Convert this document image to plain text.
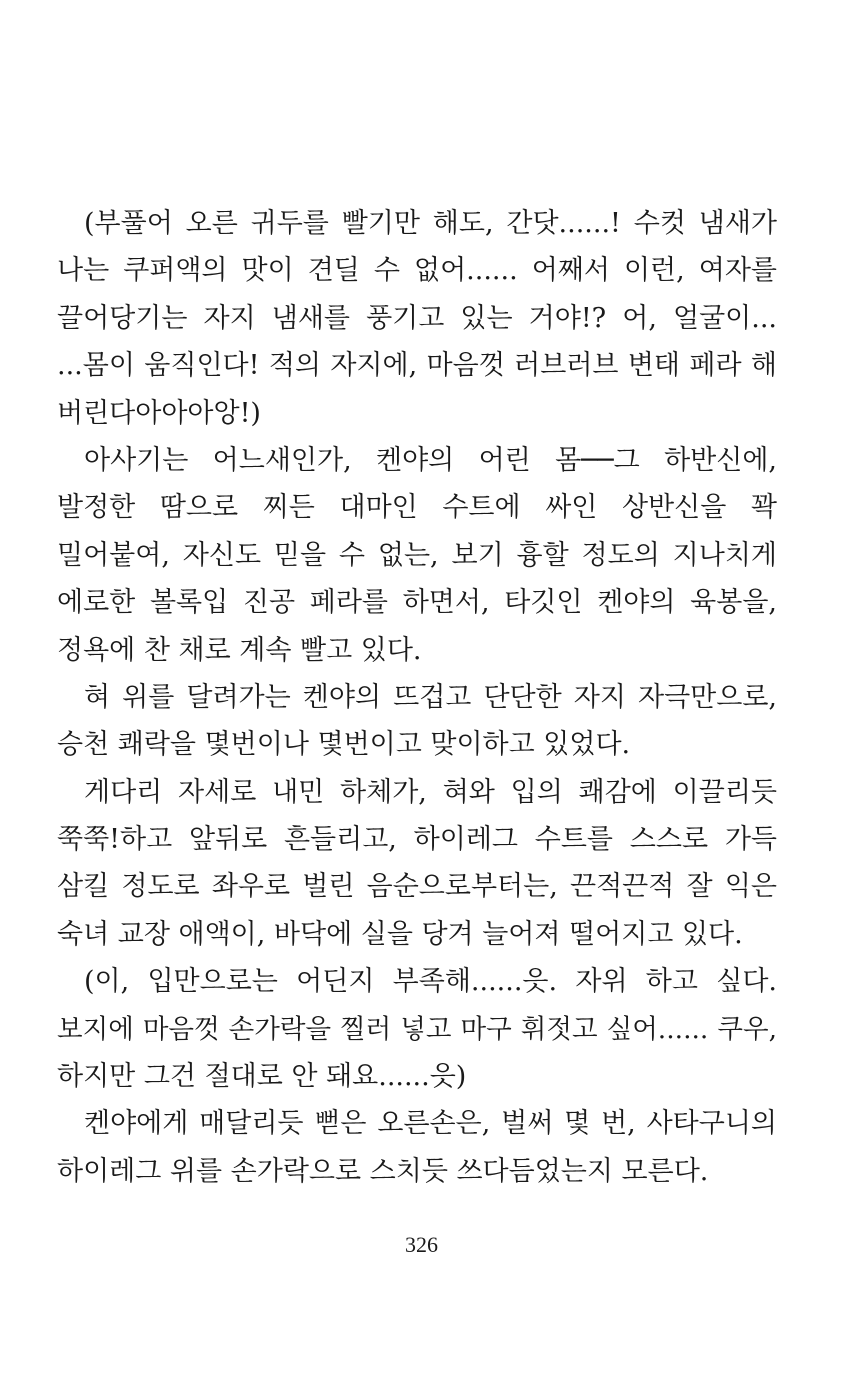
(부풀어 오른 귀두를 빨기만 해도, 간닷......! 수컷 냄새가
나는 쿠퍼액의 맛이 견딜 수 없어...... 어째서 이런, 여자를
끌어당기는 자지 냄새를 풍기고 있는 거야!? 어, 얼굴이...
...몸이 움직인다! 적의 자지에, 마음껏 러브러브 변태 페라 해
버린다아아아앙!)
아사기는 어느새인가, 켄야의 어린 몸──그 하반신에,
발정한 땀으로 찌든 대마인 수트에 싸인 상반신을 꽉
밀어붙여, 자신도 믿을 수 없는, 보기 흉할 정도의 지나치게
에로한 볼록입 진공 페라를 하면서, 타깃인 켄야의 육봉을,
정욕에 찬 채로 계속 빨고 있다.
혀 위를 달려가는 켄야의 뜨겁고 단단한 자지 자극만으로,
승천 쾌락을 몇번이나 몇번이고 맞이하고 있었다.
게다리 자세로 내민 하체가, 혀와 입의 쾌감에 이끌리듯
쭉쭉!하고 앞뒤로 흔들리고, 하이레그 수트를 스스로 가득
삼킬 정도로 좌우로 벌린 음순으로부터는, 끈적끈적 잘 익은
숙녀 교장 애액이, 바닥에 실을 당겨 늘어져 떨어지고 있다.
(이, 입만으로는 어딘지 부족해......읏. 자위 하고 싶다.
보지에 마음껏 손가락을 찔러 넣고 마구 휘젓고 싶어...... 쿠우,
하지만 그건 절대로 안 돼요......읏)
켄야에게 매달리듯 뻗은 오른손은, 벌써 몇 번, 사타구니의
하이레그 위를 손가락으로 스치듯 쓰다듬었는지 모른다.
326
